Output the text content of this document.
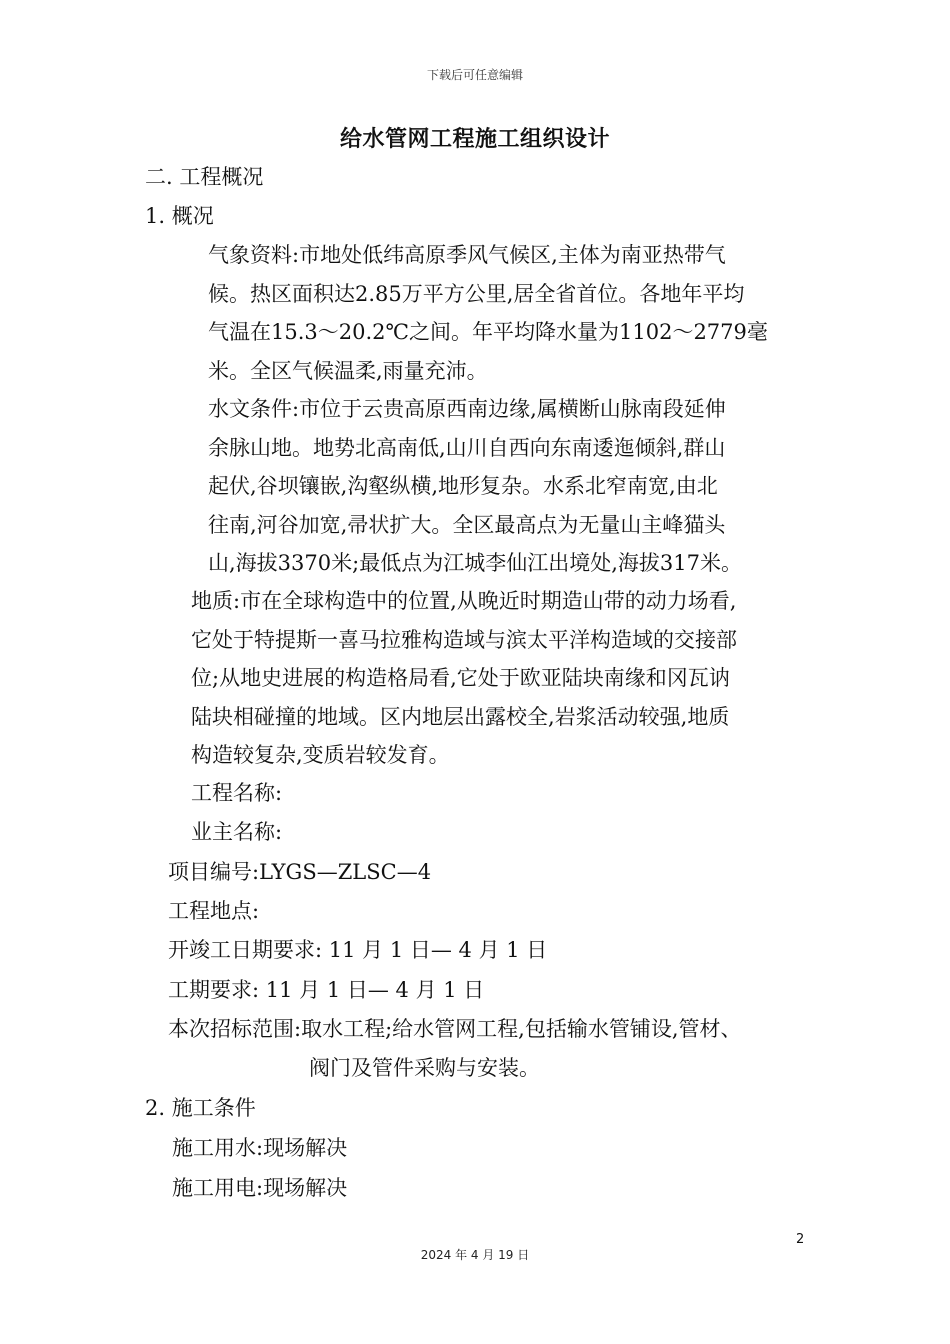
下载后可任意编辑
给水管网工程施工组织设计
二. 工程概况
1. 概况
气象资料:市地处低纬高原季风气候区,主体为南亚热带气
候。热区面积达2.85万平方公里,居全省首位。各地年平均
气温在15.3～20.2℃之间。年平均降水量为1102～2779毫
米。全区气候温柔,雨量充沛。
水文条件:市位于云贵高原西南边缘,属横断山脉南段延伸
余脉山地。地势北高南低,山川自西向东南逶迤倾斜,群山
起伏,谷坝镶嵌,沟壑纵横,地形复杂。水系北窄南宽,由北
往南,河谷加宽,帚状扩大。全区最高点为无量山主峰猫头
山,海拔3370米;最低点为江城李仙江出境处,海拔317米。
地质:市在全球构造中的位置,从晚近时期造山带的动力场看,
它处于特提斯一喜马拉雅构造域与滨太平洋构造域的交接部
位;从地史进展的构造格局看,它处于欧亚陆块南缘和冈瓦讷
陆块相碰撞的地域。区内地层出露校全,岩浆活动较强,地质
构造较复杂,变质岩较发育。
工程名称:
业主名称:
项目编号:LYGS—ZLSC—4
工程地点:
开竣工日期要求: 11 月 1 日— 4 月 1 日
工期要求: 11 月 1 日— 4 月 1 日
本次招标范围:取水工程;给水管网工程,包括输水管铺设,管材、
阀门及管件采购与安装。
2. 施工条件
施工用水:现场解决
施工用电:现场解决
2
2024 年 4 月 19 日
